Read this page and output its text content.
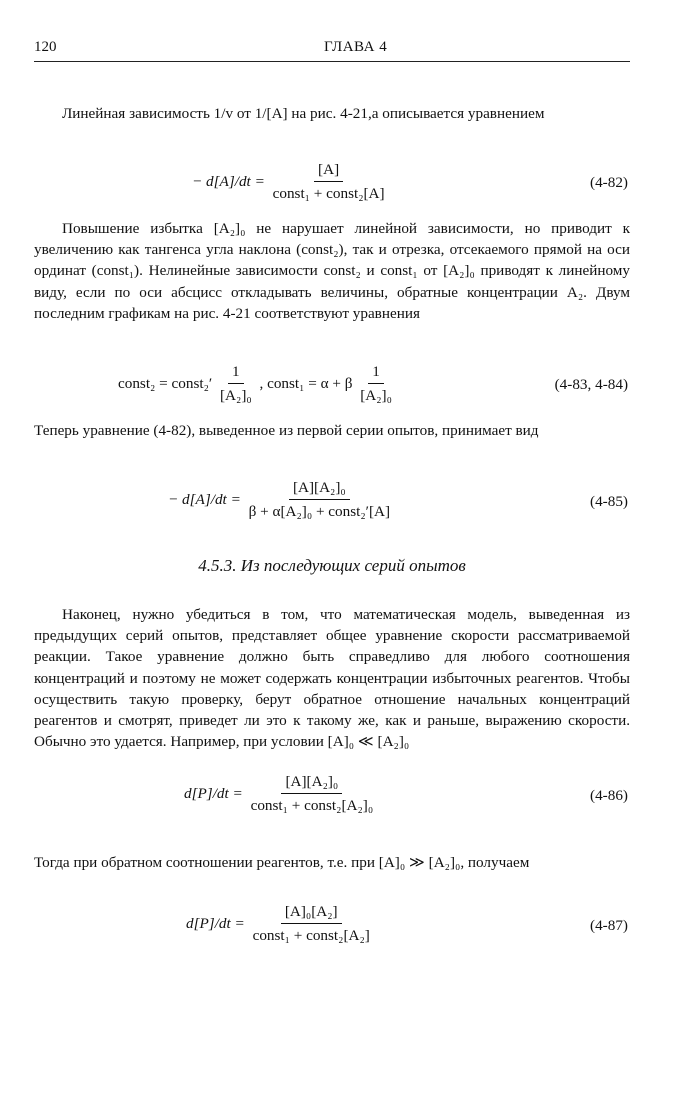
120	ГЛАВА 4
Линейная зависимость 1/v от 1/[A] на рис. 4-21,a описывается уравнением
− $d[A]/dt = \frac{[A]}{\text{const₁ + const₂[A]}}$	(4-82)
Повышение избытка [A₂]₀ не нарушает линейной зависимости, но приводит к увеличению как тангенса угла наклона (const₂), так и отрезка, отсекаемого прямой на оси ординат (const₁). Нелинейные зависимости const₂ и const₁ от [A₂]₀ приводят к линейному виду, если по оси абсцисс откладывать величины, обратные концентрации A₂. Двум последним графикам на рис. 4-21 соответствуют уравнения
const₂ = const₂′ $\frac{1}{\text{[A₂]₀}}$ , const₁ = α + β $\frac{1}{\text{[A₂]₀}}$	(4-83, 4-84)
Теперь уравнение (4-82), выведенное из первой серии опытов, принимает вид
− $d[A]/dt = \frac{\text{[A][A₂]₀}}{\text{β + α[A₂]₀ + const₂′[A]}}$	(4-85)
4.5.3. Из последующих серий опытов
Наконец, нужно убедиться в том, что математическая модель, выведенная из предыдущих серий опытов, представляет общее уравнение скорости рассматриваемой реакции. Такое уравнение должно быть справедливо для любого соотношения концентраций и поэтому не может содержать концентрации избыточных реагентов. Чтобы осуществить такую проверку, берут обратное отношение начальных концентраций реагентов и смотрят, приведет ли это к такому же, как и раньше, выражению скорости. Обычно это удается. Например, при условии [A]₀ ≪ [A₂]₀
$d[P]/dt = \frac{\text{[A][A₂]₀}}{\text{const₁ + const₂[A₂]₀}}$	(4-86)
Тогда при обратном соотношении реагентов, т.е. при [A]₀ ≫ [A₂]₀, получаем
$d[P]/dt = \frac{\text{[A]₀[A₂]}}{\text{const₁ + const₂[A₂]}}$	(4-87)
